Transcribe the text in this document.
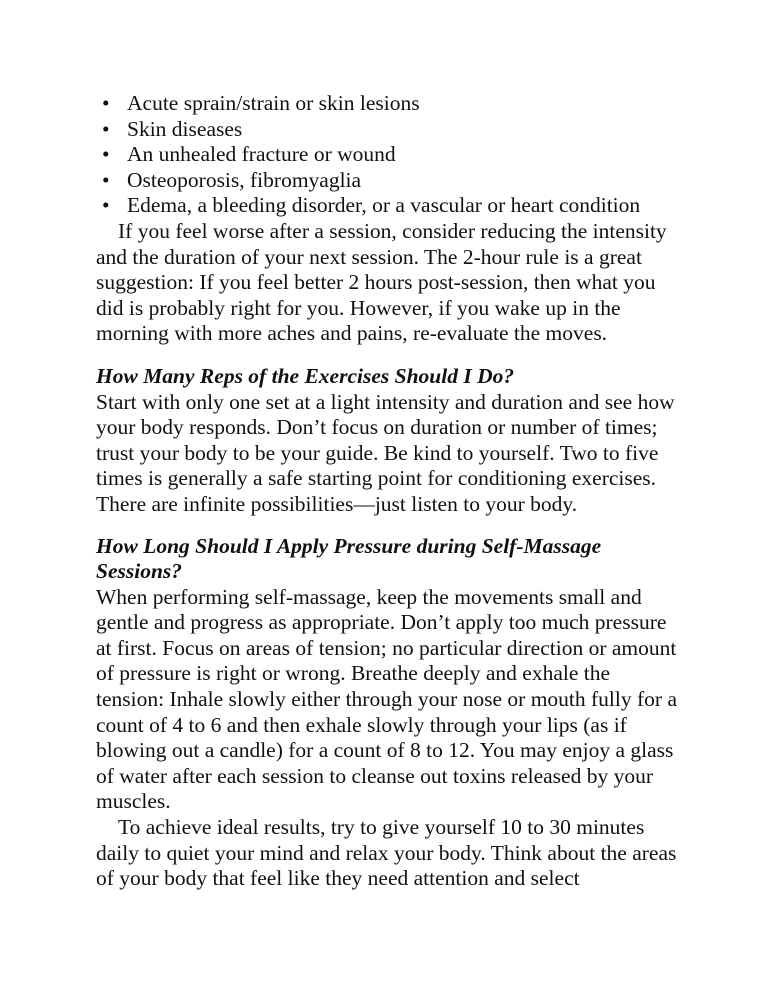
• Acute sprain/strain or skin lesions
• Skin diseases
• An unhealed fracture or wound
• Osteoporosis, fibromyaglia
• Edema, a bleeding disorder, or a vascular or heart condition

If you feel worse after a session, consider reducing the intensity
and the duration of your next session. The 2-hour rule is a great
suggestion: If you feel better 2 hours post-session, then what you
did is probably right for you. However, if you wake up in the
morning with more aches and pains, re-evaluate the moves.

How Many Reps of the Exercises Should I Do?

Start with only one set at a light intensity and duration and see how
your body responds. Don’t focus on duration or number of times;
trust your body to be your guide. Be kind to yourself. Two to five
times is generally a safe starting point for conditioning exercises.
There are infinite possibilities—just listen to your body.

How Long Should I Apply Pressure during Self-Massage
Sessions?

When performing self-massage, keep the movements small and
gentle and progress as appropriate. Don’t apply too much pressure
at first. Focus on areas of tension; no particular direction or amount
of pressure is right or wrong. Breathe deeply and exhale the
tension: Inhale slowly either through your nose or mouth fully for a
count of 4 to 6 and then exhale slowly through your lips (as if
blowing out a candle) for a count of 8 to 12. You may enjoy a glass
of water after each session to cleanse out toxins released by your
muscles.

To achieve ideal results, try to give yourself 10 to 30 minutes
daily to quiet your mind and relax your body. Think about the areas
of your body that feel like they need attention and select
